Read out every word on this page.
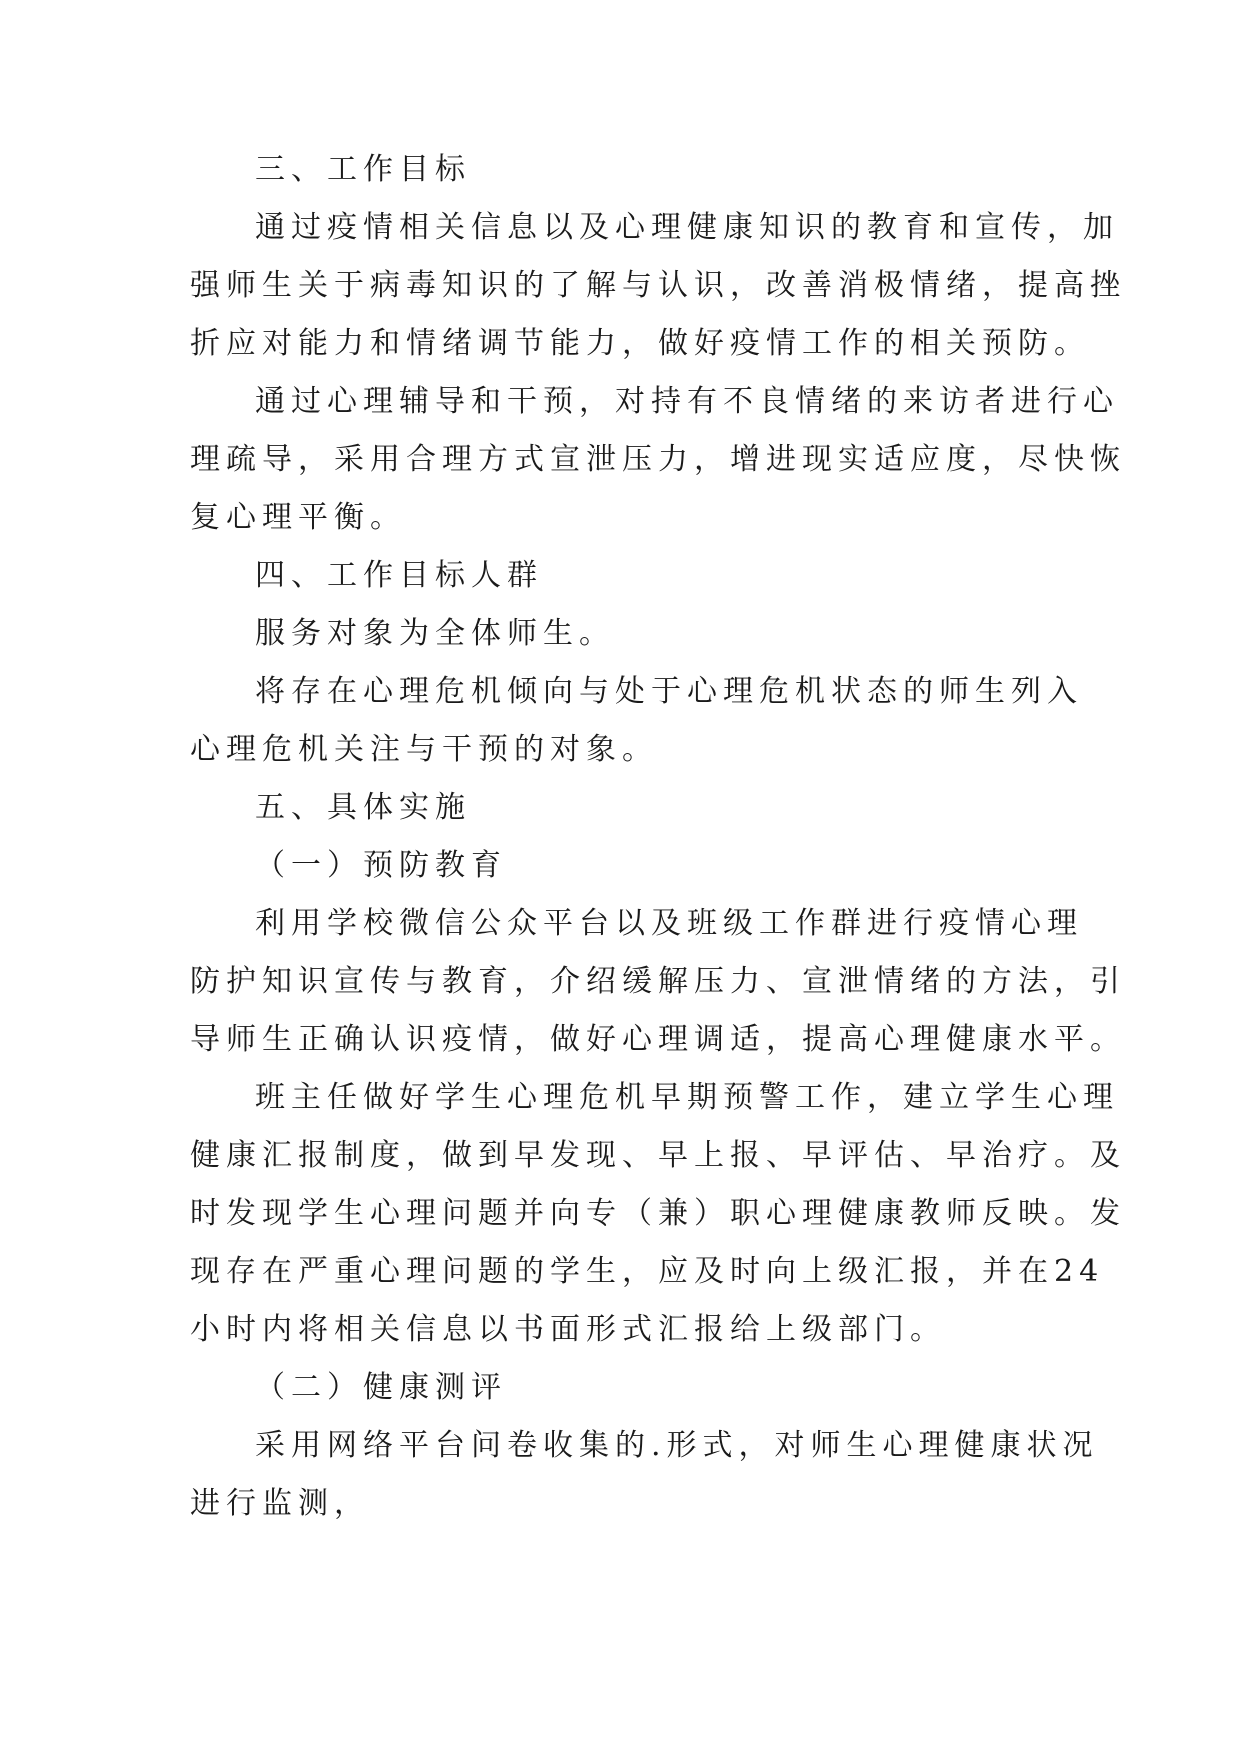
三、工作目标
通过疫情相关信息以及心理健康知识的教育和宣传，加
强师生关于病毒知识的了解与认识，改善消极情绪，提高挫
折应对能力和情绪调节能力，做好疫情工作的相关预防。
通过心理辅导和干预，对持有不良情绪的来访者进行心
理疏导，采用合理方式宣泄压力，增进现实适应度，尽快恢
复心理平衡。
四、工作目标人群
服务对象为全体师生。
将存在心理危机倾向与处于心理危机状态的师生列入
心理危机关注与干预的对象。
五、具体实施
（一）预防教育
利用学校微信公众平台以及班级工作群进行疫情心理
防护知识宣传与教育，介绍缓解压力、宣泄情绪的方法，引
导师生正确认识疫情，做好心理调适，提高心理健康水平。
班主任做好学生心理危机早期预警工作，建立学生心理
健康汇报制度，做到早发现、早上报、早评估、早治疗。及
时发现学生心理问题并向专（兼）职心理健康教师反映。发
现存在严重心理问题的学生，应及时向上级汇报，并在24
小时内将相关信息以书面形式汇报给上级部门。
（二）健康测评
采用网络平台问卷收集的.形式，对师生心理健康状况
进行监测，
